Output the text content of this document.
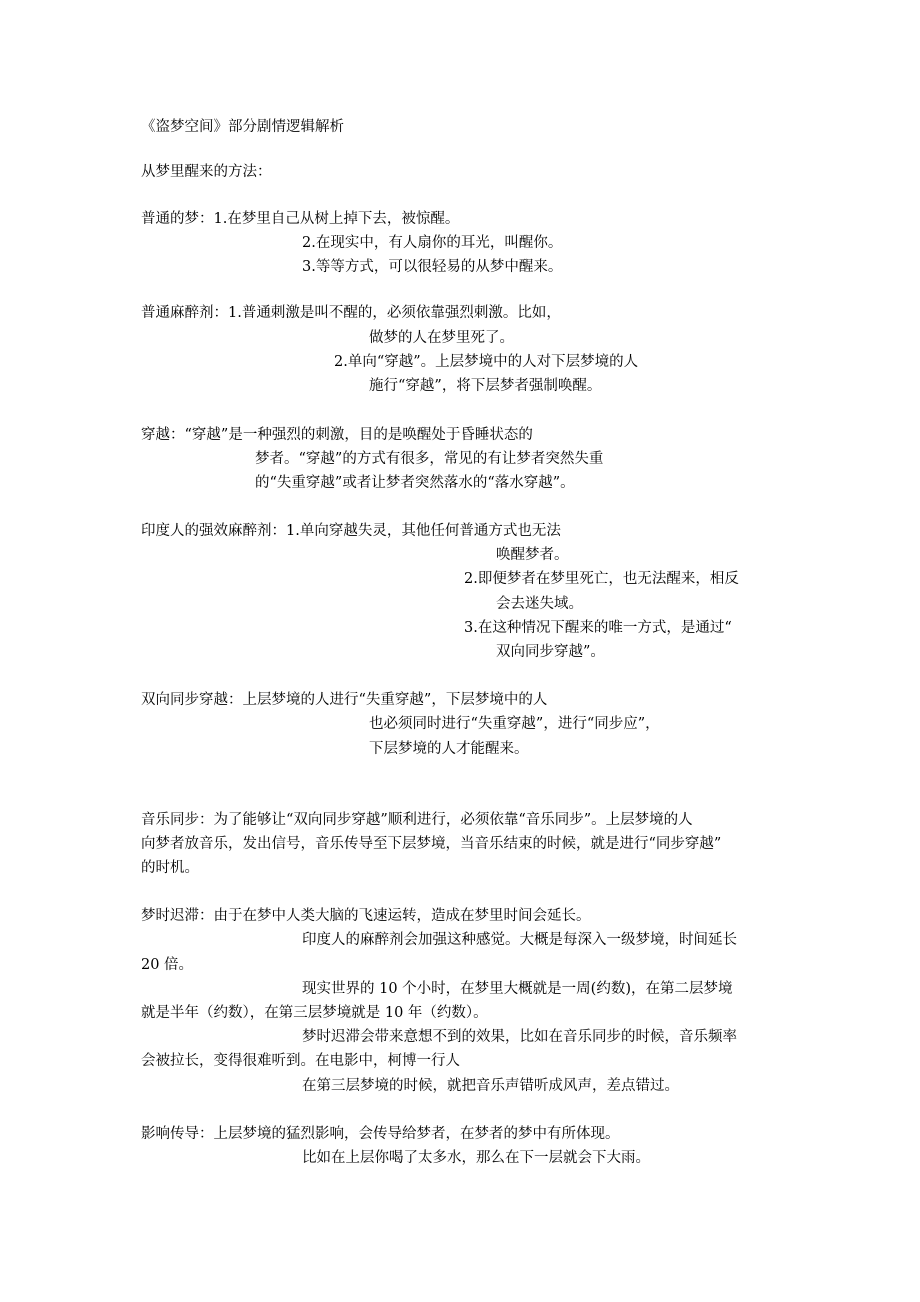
《盗梦空间》部分剧情逻辑解析

从梦里醒来的方法：

普通的梦：1.在梦里自己从树上掉下去，被惊醒。

2.在现实中，有人扇你的耳光，叫醒你。

3.等等方式，可以很轻易的从梦中醒来。

普通麻醉剂：1.普通刺激是叫不醒的，必须依靠强烈刺激。比如，

做梦的人在梦里死了。

2.单向“穿越”。上层梦境中的人对下层梦境的人

施行“穿越”，将下层梦者强制唤醒。

穿越：“穿越”是一种强烈的刺激，目的是唤醒处于昏睡状态的

梦者。“穿越”的方式有很多，常见的有让梦者突然失重

的“失重穿越”或者让梦者突然落水的“落水穿越”。

印度人的强效麻醉剂：1.单向穿越失灵，其他任何普通方式也无法

唤醒梦者。

2.即便梦者在梦里死亡，也无法醒来，相反

会去迷失域。

3.在这种情况下醒来的唯一方式，是通过“

双向同步穿越”。

双向同步穿越：上层梦境的人进行“失重穿越”，下层梦境中的人

也必须同时进行“失重穿越”，进行“同步应”，

下层梦境的人才能醒来。

音乐同步：为了能够让“双向同步穿越”顺利进行，必须依靠“音乐同步”。上层梦境的人

向梦者放音乐，发出信号，音乐传导至下层梦境，当音乐结束的时候，就是进行“同步穿越”

的时机。

梦时迟滞：由于在梦中人类大脑的飞速运转，造成在梦里时间会延长。

印度人的麻醉剂会加强这种感觉。大概是每深入一级梦境，时间延长

20 倍。

现实世界的 10 个小时，在梦里大概就是一周(约数)，在第二层梦境

就是半年（约数），在第三层梦境就是 10 年（约数）。

梦时迟滞会带来意想不到的效果，比如在音乐同步的时候，音乐频率

会被拉长，变得很难听到。在电影中，柯博一行人

在第三层梦境的时候，就把音乐声错听成风声，差点错过。

影响传导：上层梦境的猛烈影响，会传导给梦者，在梦者的梦中有所体现。

比如在上层你喝了太多水，那么在下一层就会下大雨。
